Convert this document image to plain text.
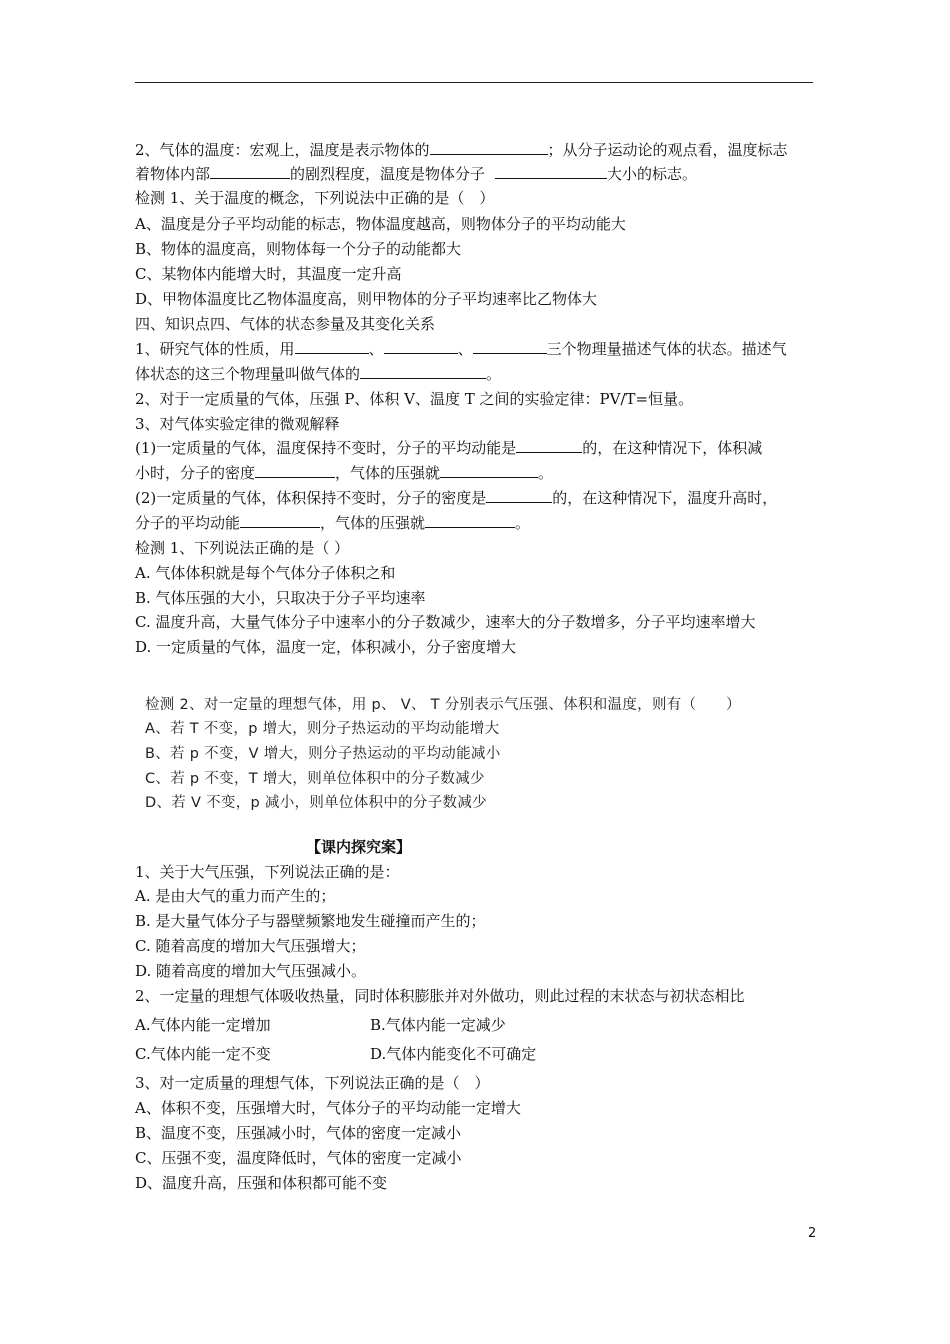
2、气体的温度：宏观上，温度是表示物体的	；从分子运动论的观点看，温度标志
着物体内部	的剧烈程度，温度是物体分子	大小的标志。
检测 1、关于温度的概念，下列说法中正确的是（　）
A、温度是分子平均动能的标志，物体温度越高，则物体分子的平均动能大
B、物体的温度高，则物体每一个分子的动能都大
C、某物体内能增大时，其温度一定升高
D、甲物体温度比乙物体温度高，则甲物体的分子平均速率比乙物体大
四、知识点四、气体的状态参量及其变化关系
1、研究气体的性质，用	、	、	三个物理量描述气体的状态。描述气
体状态的这三个物理量叫做气体的	。
2、对于一定质量的气体，压强 P、体积 V、温度 T 之间的实验定律：PV/T=恒量。
3、对气体实验定律的微观解释
(1)一定质量的气体，温度保持不变时，分子的平均动能是	的，在这种情况下，体积减
小时，分子的密度	，气体的压强就	。
(2)一定质量的气体，体积保持不变时，分子的密度是	的，在这种情况下，温度升高时，
分子的平均动能	，气体的压强就	。
检测 1、下列说法正确的是（ ）
A. 气体体积就是每个气体分子体积之和
B. 气体压强的大小，只取决于分子平均速率
C. 温度升高，大量气体分子中速率小的分子数减少，速率大的分子数增多，分子平均速率增大
D. 一定质量的气体，温度一定，体积减小，分子密度增大
检测 2、对一定量的理想气体，用 p、 V、 T 分别表示气压强、体积和温度，则有（　　）
A、若 T 不变，p 增大，则分子热运动的平均动能增大
B、若 p 不变，V 增大，则分子热运动的平均动能减小
C、若 p 不变，T 增大，则单位体积中的分子数减少
D、若 V 不变，p 减小，则单位体积中的分子数减少
【课内探究案】
1、关于大气压强，下列说法正确的是：
A. 是由大气的重力而产生的；
B. 是大量气体分子与器壁频繁地发生碰撞而产生的；
C. 随着高度的增加大气压强增大；
D. 随着高度的增加大气压强减小。
2、一定量的理想气体吸收热量，同时体积膨胀并对外做功，则此过程的末状态与初状态相比
A.气体内能一定增加	B.气体内能一定减少
C.气体内能一定不变	D.气体内能变化不可确定
3、对一定质量的理想气体，下列说法正确的是（　）
A、体积不变，压强增大时，气体分子的平均动能一定增大
B、温度不变，压强减小时，气体的密度一定减小
C、压强不变，温度降低时，气体的密度一定减小
D、温度升高，压强和体积都可能不变
2
